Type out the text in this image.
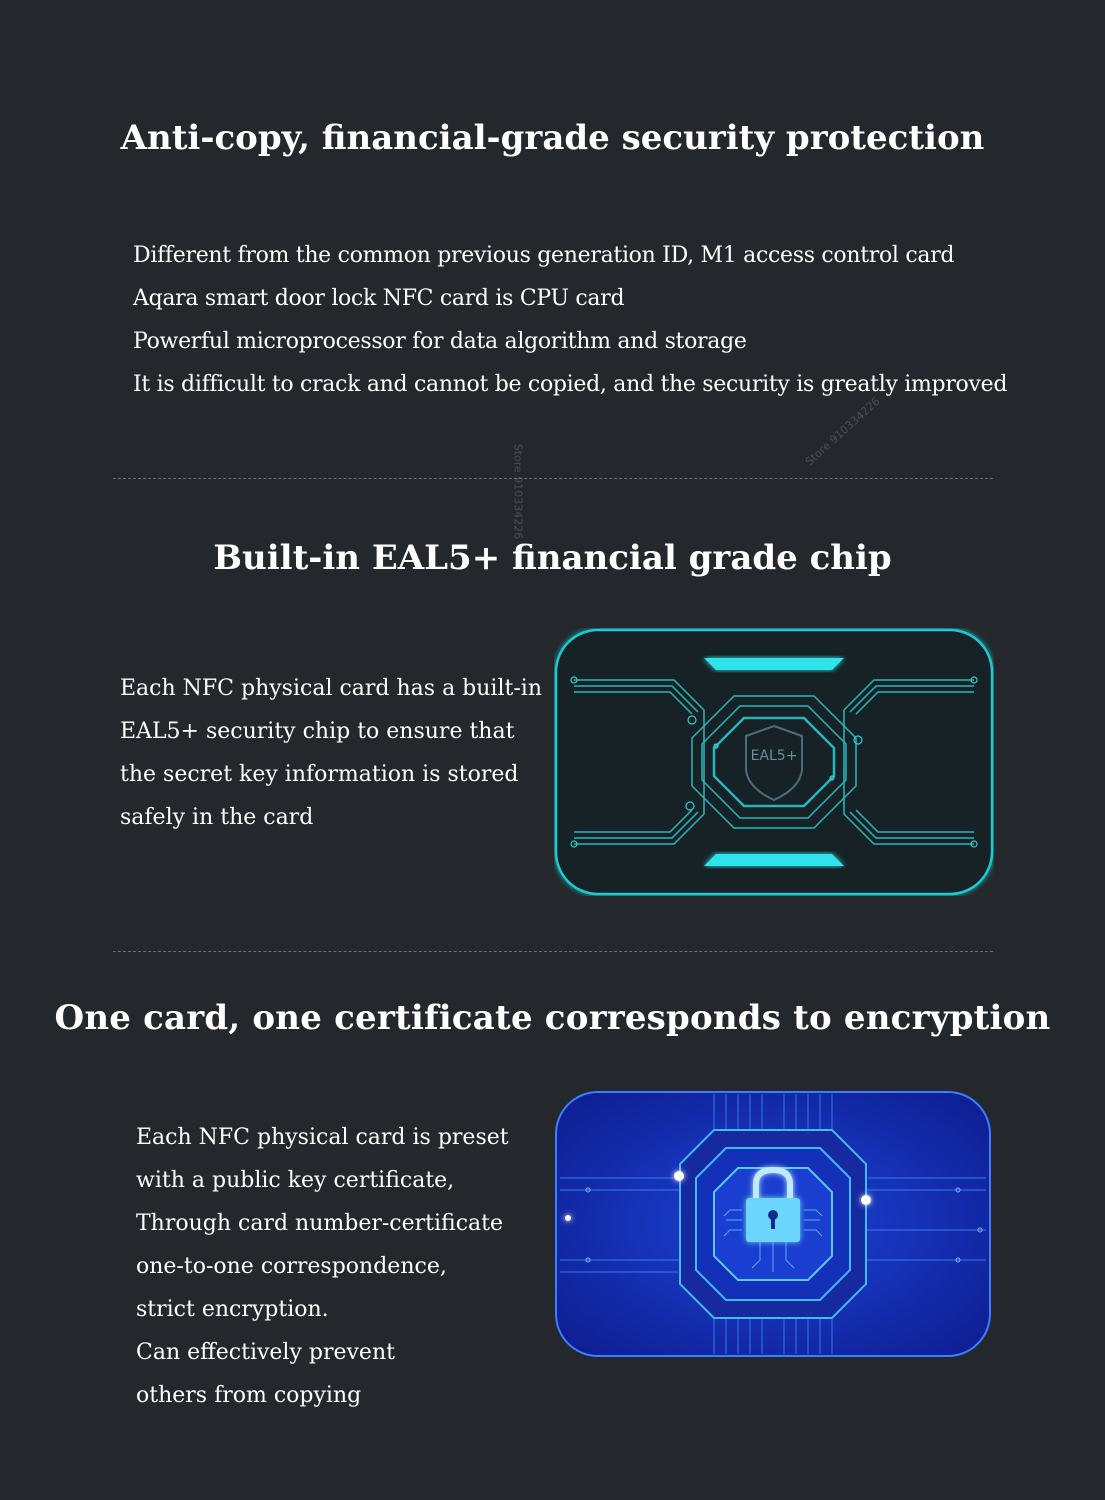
Anti-copy, financial-grade security protection
Different from the common previous generation ID, M1 access control card
Aqara smart door lock NFC card is CPU card
Powerful microprocessor for data algorithm and storage
It is difficult to crack and cannot be copied, and the security is greatly improved
Store 910334226
Store 910334226
Built-in EAL5+ financial grade chip
Each NFC physical card has a built-in
EAL5+ security chip to ensure that
the secret key information is stored
safely in the card
EAL5+
One card, one certificate corresponds to encryption
Each NFC physical card is preset
with a public key certificate,
Through card number-certificate
one-to-one correspondence,
strict encryption.
Can effectively prevent
others from copying
